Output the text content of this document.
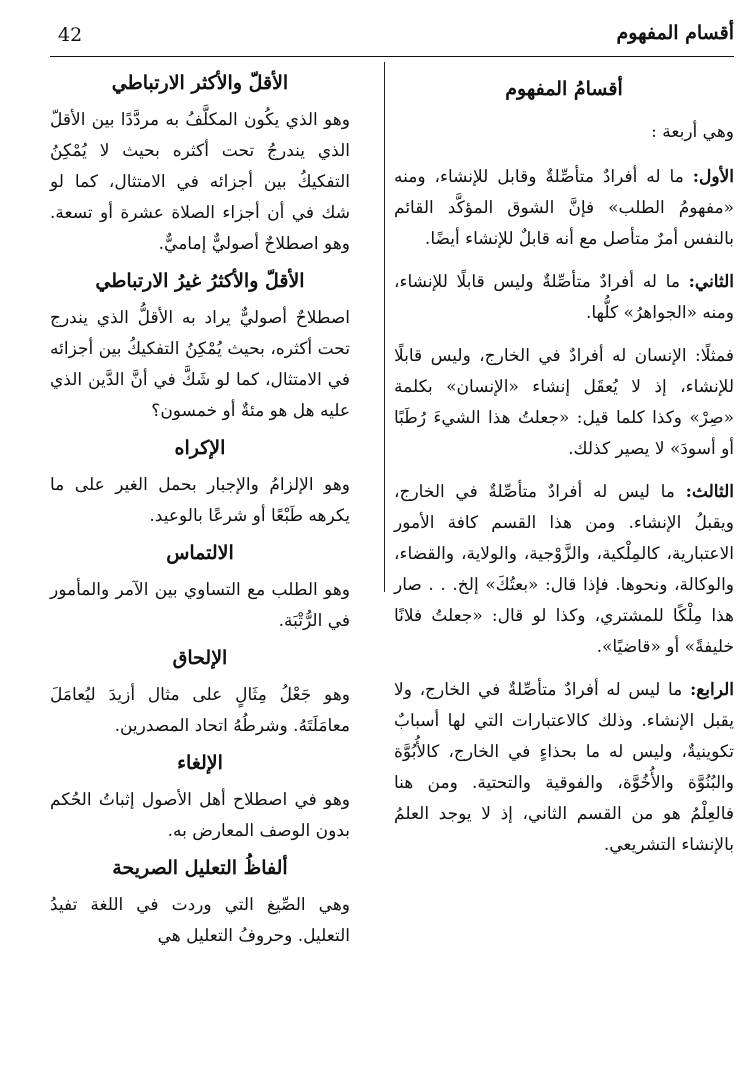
أقسام المفهوم
42
أقسامُ المفهوم

وهي أربعة :

الأول: ما له أفرادٌ متأصِّلةٌ وقابل للإنشاء، ومنه «مفهومُ الطلب» فإنَّ الشوق المؤكَّد القائم بالنفس أمرٌ متأصل مع أنه قابلٌ للإنشاء أيضًا.

الثاني: ما له أفرادٌ متأصِّلةٌ وليس قابلًا للإنشاء، ومنه «الجواهرُ» كلُّها.

فمثلًا: الإنسان له أفرادٌ في الخارج، وليس قابلًا للإنشاء، إذ لا يُعقَل إنشاء «الإنسان» بكلمة «صِرْ» وكذا كلما قيل: «جعلتُ هذا الشيءَ رُطَبًا أو أسودَ» لا يصير كذلك.

الثالث: ما ليس له أفرادٌ متأصِّلةٌ في الخارج، ويقبلُ الإنشاء. ومن هذا القسم كافة الأمور الاعتبارية، كالمِلْكية، والزَّوْجية، والولاية، والقضاء، والوكالة، ونحوها. فإذا قال: «بعتُكَ» إلخ. . . صار هذا مِلْكًا للمشتري، وكذا لو قال: «جعلتُ فلانًا خليفةً» أو «قاضيًا».

الرابع: ما ليس له أفرادٌ متأصِّلةٌ في الخارج، ولا يقبل الإنشاء. وذلك كالاعتبارات التي لها أسبابٌ تكوينيةٌ، وليس له ما بحذاءٍ في الخارج، كالأُبُوَّة والبُنُوَّة والأُخُوَّة، والفوقية والتحتية. ومن هنا فالعِلْمُ هو من القسم الثاني، إذ لا يوجد العلمُ بالإنشاء التشريعي.

الأقلّ والأكثر الارتباطي

وهو الذي يكُون المكلَّفُ به مردَّدًا بين الأقلّ الذي يندرجُ تحت أكثره بحيث لا يُمْكِنُ التفكيكُ بين أجزائه في الامتثال، كما لو شك في أن أجزاء الصلاة عشرة أو تسعة. وهو اصطلاحٌ أصوليٌّ إماميٌّ.

الأقلّ والأكثرُ غيرُ الارتباطي

اصطلاحٌ أصوليٌّ يراد به الأقلُّ الذي يندرج تحت أكثره، بحيث يُمْكِنُ التفكيكُ بين أجزائه في الامتثال، كما لو شَكَّ في أنَّ الدَّين الذي عليه هل هو مئةٌ أو خمسون؟

الإكراه

وهو الإلزامُ والإجبار بحمل الغير على ما يكرهه طَبْعًا أو شرعًا بالوعيد.

الالتماس

وهو الطلب مع التساوي بين الآمر والمأمور في الرُّتْبَة.

الإلحاق

وهو جَعْلُ مِثَالٍ على مثال أزيدَ ليُعامَلَ معامَلَتَهُ. وشرطُهُ اتحاد المصدرين.

الإلغاء

وهو في اصطلاح أهل الأصول إثباتُ الحُكم بدون الوصف المعارض به.

ألفاظُ التعليل الصريحة

وهي الصِّيغ التي وردت في اللغة تفيدُ التعليل. وحروفُ التعليل هي
